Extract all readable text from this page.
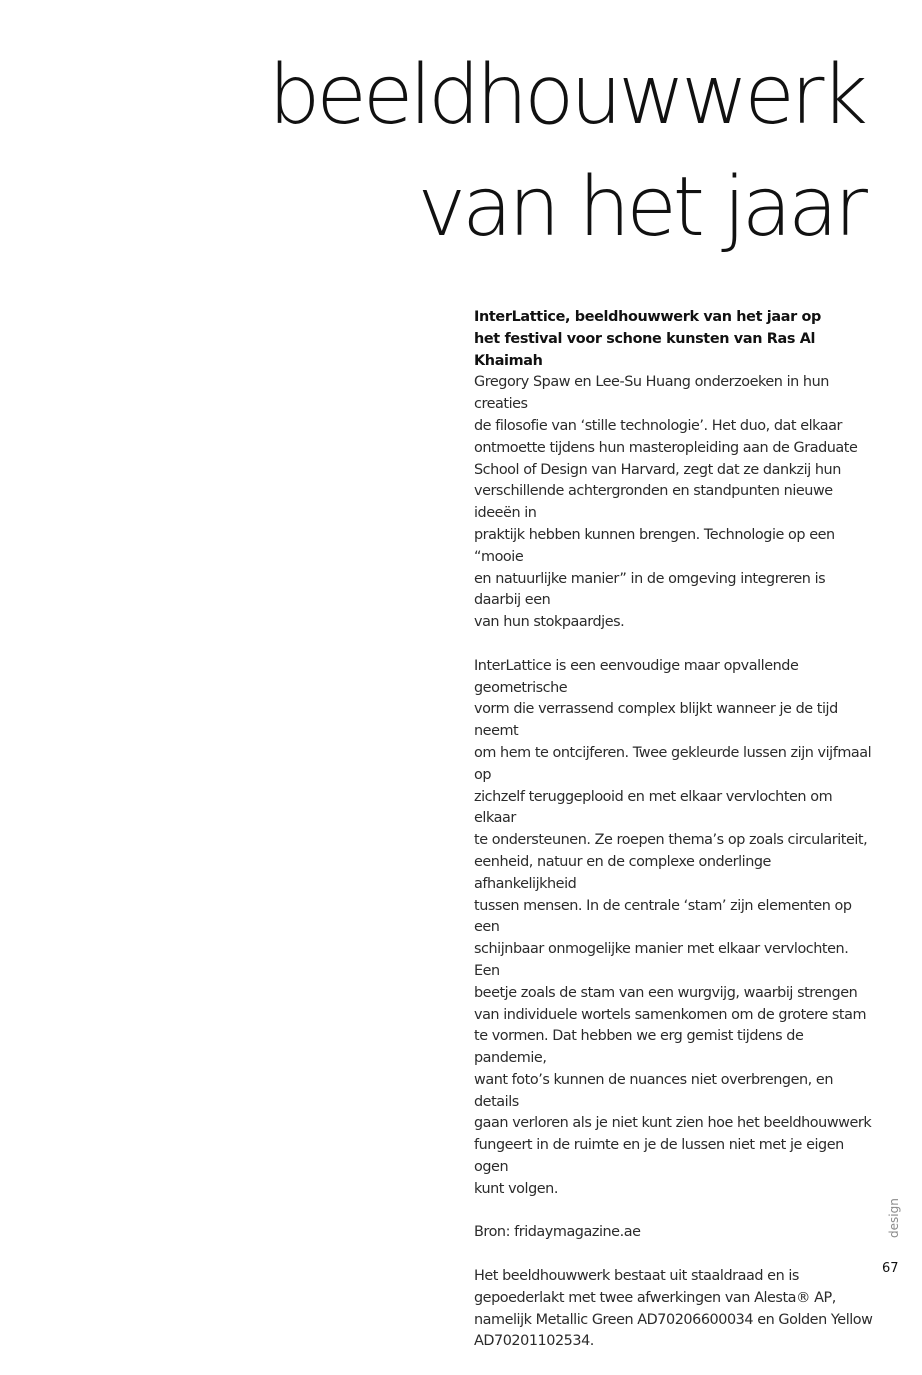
beeldhouwwerk
van het jaar

InterLattice, beeldhouwwerk van het jaar op
het festival voor schone kunsten van Ras Al Khaimah

Gregory Spaw en Lee-Su Huang onderzoeken in hun creaties
de filosofie van ‘stille technologie’. Het duo, dat elkaar
ontmoette tijdens hun masteropleiding aan de Graduate
School of Design van Harvard, zegt dat ze dankzij hun
verschillende achtergronden en standpunten nieuwe ideeën in
praktijk hebben kunnen brengen. Technologie op een “mooie
en natuurlijke manier” in de omgeving integreren is daarbij een
van hun stokpaardjes.

InterLattice is een eenvoudige maar opvallende geometrische
vorm die verrassend complex blijkt wanneer je de tijd neemt
om hem te ontcijferen. Twee gekleurde lussen zijn vijfmaal op
zichzelf teruggeplooid en met elkaar vervlochten om elkaar
te ondersteunen. Ze roepen thema’s op zoals circulariteit,
eenheid, natuur en de complexe onderlinge afhankelijkheid
tussen mensen. In de centrale ‘stam’ zijn elementen op een
schijnbaar onmogelijke manier met elkaar vervlochten. Een
beetje zoals de stam van een wurgvijg, waarbij strengen
van individuele wortels samenkomen om de grotere stam
te vormen. Dat hebben we erg gemist tijdens de pandemie,
want foto’s kunnen de nuances niet overbrengen, en details
gaan verloren als je niet kunt zien hoe het beeldhouwwerk
fungeert in de ruimte en je de lussen niet met je eigen ogen
kunt volgen.

Bron: fridaymagazine.ae

Het beeldhouwwerk bestaat uit staaldraad en is
gepoederlakt met twee afwerkingen van Alesta® AP,
namelijk Metallic Green AD70206600034 en Golden Yellow
AD70201102534.

design
67
